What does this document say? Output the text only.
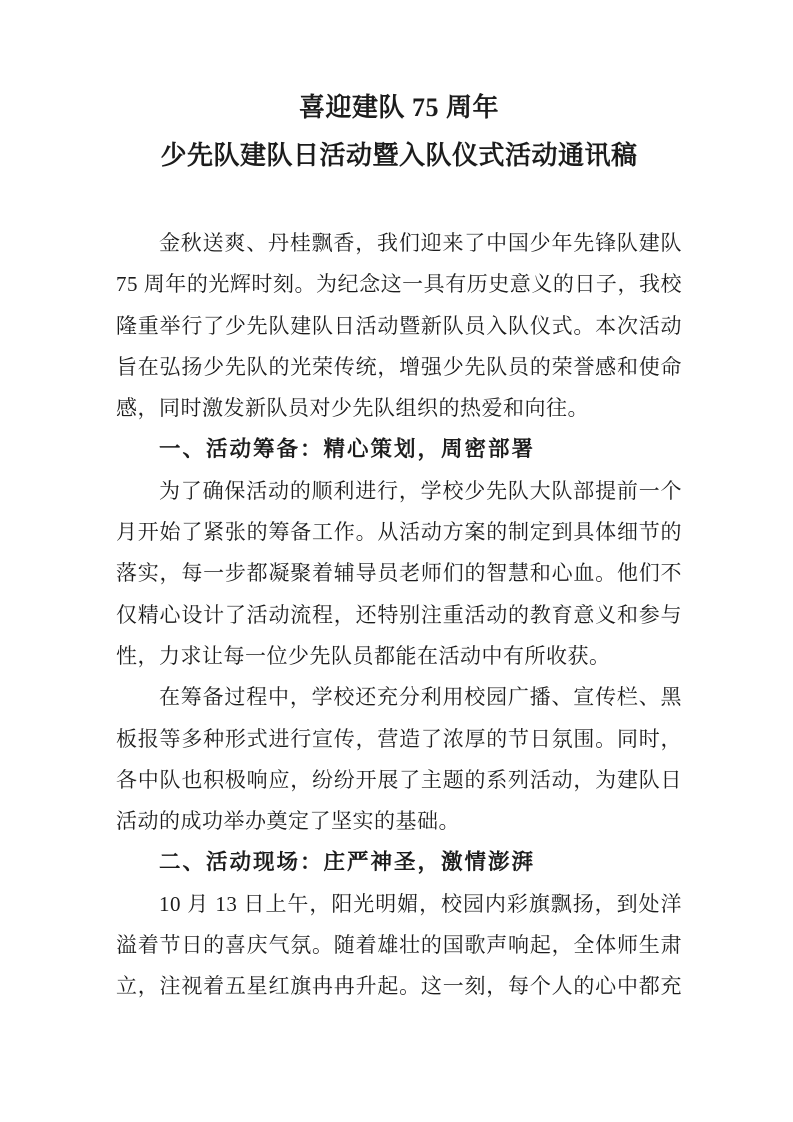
喜迎建队 75 周年
少先队建队日活动暨入队仪式活动通讯稿
金秋送爽、丹桂飘香，我们迎来了中国少年先锋队建队
75 周年的光辉时刻。为纪念这一具有历史意义的日子，我校
隆重举行了少先队建队日活动暨新队员入队仪式。本次活动
旨在弘扬少先队的光荣传统，增强少先队员的荣誉感和使命
感，同时激发新队员对少先队组织的热爱和向往。
一、活动筹备：精心策划，周密部署
为了确保活动的顺利进行，学校少先队大队部提前一个
月开始了紧张的筹备工作。从活动方案的制定到具体细节的
落实，每一步都凝聚着辅导员老师们的智慧和心血。他们不
仅精心设计了活动流程，还特别注重活动的教育意义和参与
性，力求让每一位少先队员都能在活动中有所收获。
在筹备过程中，学校还充分利用校园广播、宣传栏、黑
板报等多种形式进行宣传，营造了浓厚的节日氛围。同时，
各中队也积极响应，纷纷开展了主题的系列活动，为建队日
活动的成功举办奠定了坚实的基础。
二、活动现场：庄严神圣，激情澎湃
10 月 13 日上午，阳光明媚，校园内彩旗飘扬，到处洋
溢着节日的喜庆气氛。随着雄壮的国歌声响起，全体师生肃
立，注视着五星红旗冉冉升起。这一刻，每个人的心中都充
